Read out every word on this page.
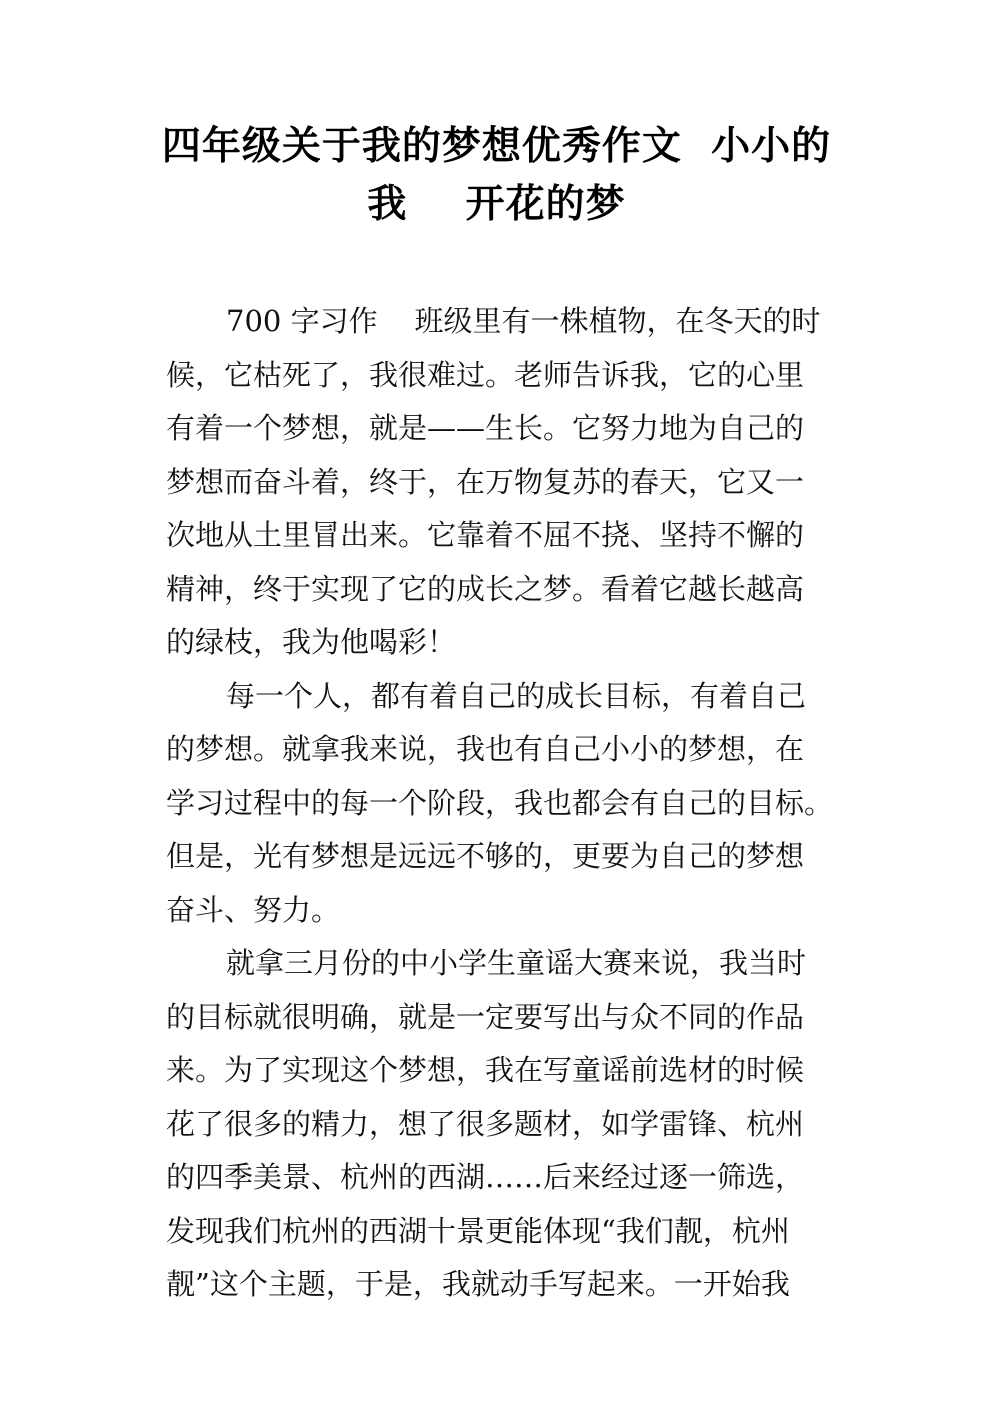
四年级关于我的梦想优秀作文  小小的
我    开花的梦
700 字习作    班级里有一株植物，在冬天的时
候，它枯死了，我很难过。老师告诉我，它的心里
有着一个梦想，就是——生长。它努力地为自己的
梦想而奋斗着，终于，在万物复苏的春天，它又一
次地从土里冒出来。它靠着不屈不挠、坚持不懈的
精神，终于实现了它的成长之梦。看着它越长越高
的绿枝，我为他喝彩！
每一个人，都有着自己的成长目标，有着自己
的梦想。就拿我来说，我也有自己小小的梦想，在
学习过程中的每一个阶段，我也都会有自己的目标。
但是，光有梦想是远远不够的，更要为自己的梦想
奋斗、努力。
就拿三月份的中小学生童谣大赛来说，我当时
的目标就很明确，就是一定要写出与众不同的作品
来。为了实现这个梦想，我在写童谣前选材的时候
花了很多的精力，想了很多题材，如学雷锋、杭州
的四季美景、杭州的西湖……后来经过逐一筛选，
发现我们杭州的西湖十景更能体现“我们靓，杭州
靓”这个主题，于是，我就动手写起来。一开始我
